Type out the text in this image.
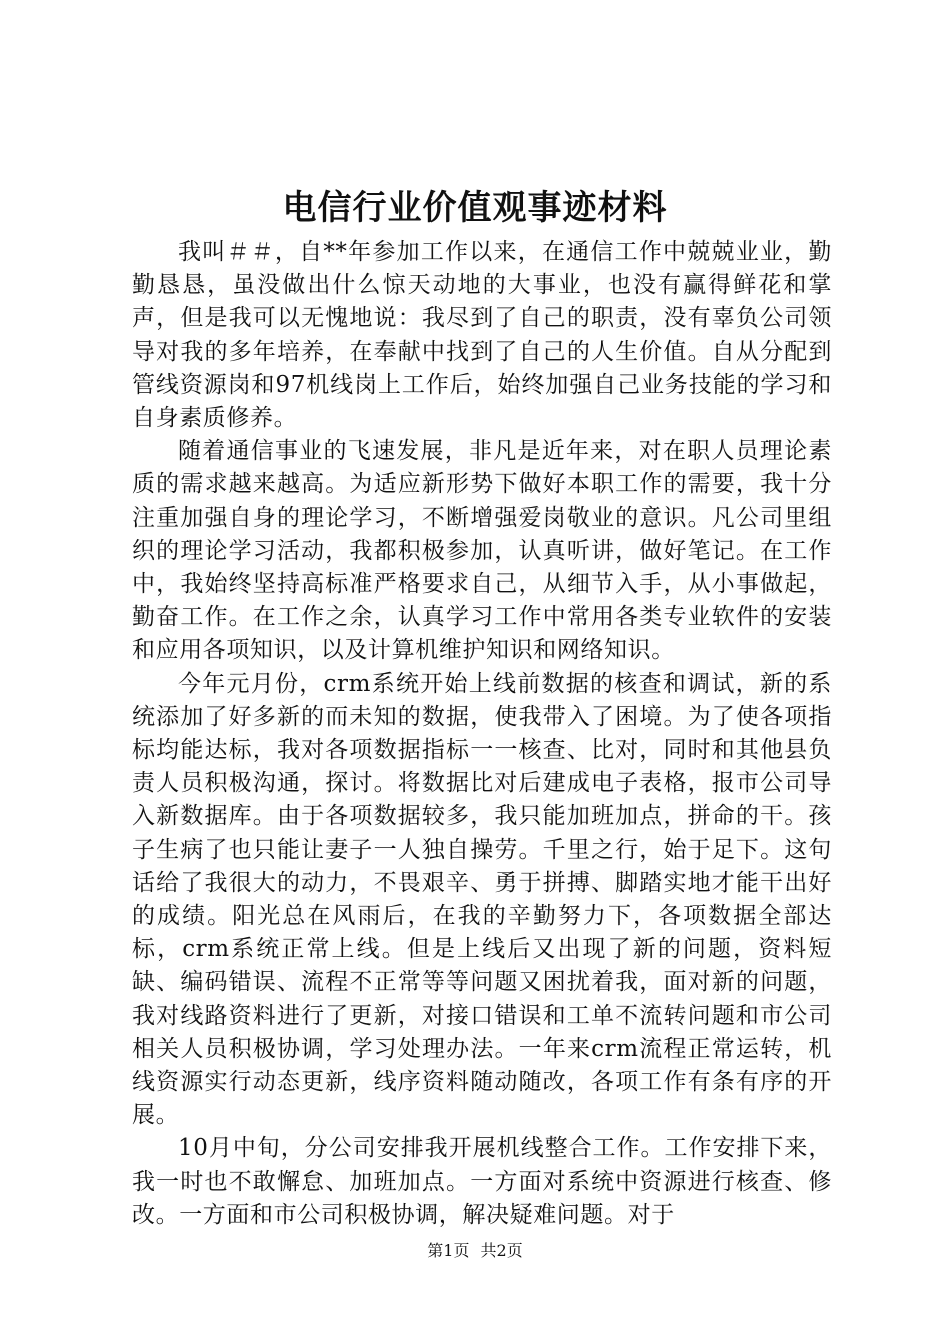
电信行业价值观事迹材料

我叫＃＃，自**年参加工作以来，在通信工作中兢兢业业，勤勤恳恳，虽没做出什么惊天动地的大事业，也没有赢得鲜花和掌声，但是我可以无愧地说：我尽到了自己的职责，没有辜负公司领导对我的多年培养，在奉献中找到了自己的人生价值。自从分配到管线资源岗和97机线岗上工作后，始终加强自己业务技能的学习和自身素质修养。

随着通信事业的飞速发展，非凡是近年来，对在职人员理论素质的需求越来越高。为适应新形势下做好本职工作的需要，我十分注重加强自身的理论学习，不断增强爱岗敬业的意识。凡公司里组织的理论学习活动，我都积极参加，认真听讲，做好笔记。在工作中，我始终坚持高标准严格要求自己，从细节入手，从小事做起，勤奋工作。在工作之余，认真学习工作中常用各类专业软件的安装和应用各项知识，以及计算机维护知识和网络知识。

今年元月份，crm系统开始上线前数据的核查和调试，新的系统添加了好多新的而未知的数据，使我带入了困境。为了使各项指标均能达标，我对各项数据指标一一核查、比对，同时和其他县负责人员积极沟通，探讨。将数据比对后建成电子表格，报市公司导入新数据库。由于各项数据较多，我只能加班加点，拼命的干。孩子生病了也只能让妻子一人独自操劳。千里之行，始于足下。这句话给了我很大的动力，不畏艰辛、勇于拼搏、脚踏实地才能干出好的成绩。阳光总在风雨后，在我的辛勤努力下，各项数据全部达标，crm系统正常上线。但是上线后又出现了新的问题，资料短缺、编码错误、流程不正常等等问题又困扰着我，面对新的问题，我对线路资料进行了更新，对接口错误和工单不流转问题和市公司相关人员积极协调，学习处理办法。一年来crm流程正常运转，机线资源实行动态更新，线序资料随动随改，各项工作有条有序的开展。

10月中旬，分公司安排我开展机线整合工作。工作安排下来，我一时也不敢懈怠、加班加点。一方面对系统中资源进行核查、修改。一方面和市公司积极协调，解决疑难问题。对于

第1页 共2页
